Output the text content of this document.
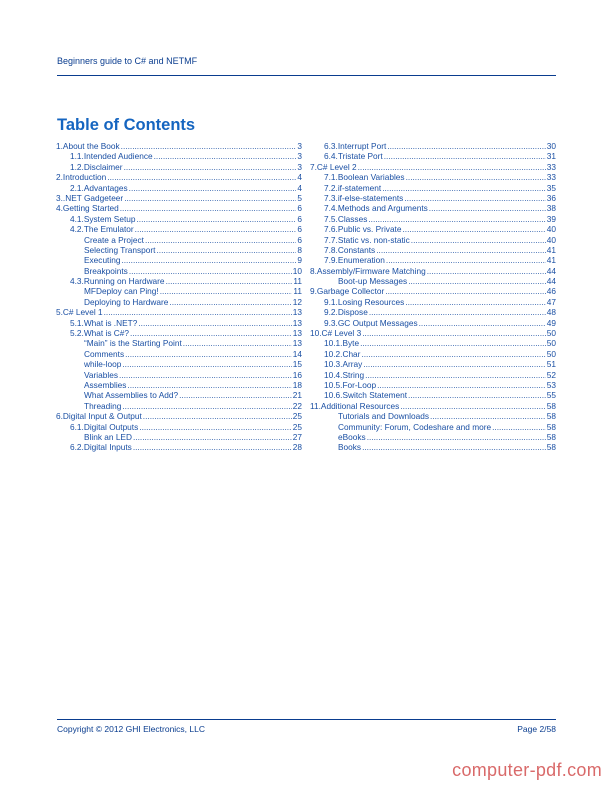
Beginners guide to C# and NETMF
Table of Contents
1.About the Book .....	3
1.1.Intended Audience .....	3
1.2.Disclaimer .....	3
2.Introduction .....	4
2.1.Advantages .....	4
3..NET Gadgeteer .....	5
4.Getting Started .....	6
4.1.System Setup .....	6
4.2.The Emulator .....	6
Create a Project .....	6
Selecting Transport .....	8
Executing .....	9
Breakpoints .....	10
4.3.Running on Hardware .....	11
MFDeploy can Ping! .....	11
Deploying to Hardware .....	12
5.C# Level 1 .....	13
5.1.What is .NET? .....	13
5.2.What is C#? .....	13
“Main” is the Starting Point .....	13
Comments .....	14
while-loop .....	15
Variables .....	16
Assemblies .....	18
What Assemblies to Add? .....	21
Threading .....	22
6.Digital Input & Output .....	25
6.1.Digital Outputs .....	25
Blink an LED .....	27
6.2.Digital Inputs .....	28
6.3.Interrupt Port .....	30
6.4.Tristate Port .....	31
7.C# Level 2 .....	33
7.1.Boolean Variables .....	33
7.2.if-statement .....	35
7.3.if-else-statements .....	36
7.4.Methods and Arguments .....	38
7.5.Classes .....	39
7.6.Public vs. Private .....	40
7.7.Static vs. non-static .....	40
7.8.Constants .....	41
7.9.Enumeration .....	41
8.Assembly/Firmware Matching .....	44
Boot-up Messages .....	44
9.Garbage Collector .....	46
9.1.Losing Resources .....	47
9.2.Dispose .....	48
9.3.GC Output Messages .....	49
10.C# Level 3 .....	50
10.1.Byte .....	50
10.2.Char .....	50
10.3.Array .....	51
10.4.String .....	52
10.5.For-Loop .....	53
10.6.Switch Statement .....	55
11.Additional Resources .....	58
Tutorials and Downloads .....	58
Community: Forum, Codeshare and more .....	58
eBooks .....	58
Books .....	58
Copyright © 2012 GHI Electronics, LLC	Page 2/58
computer-pdf.com
